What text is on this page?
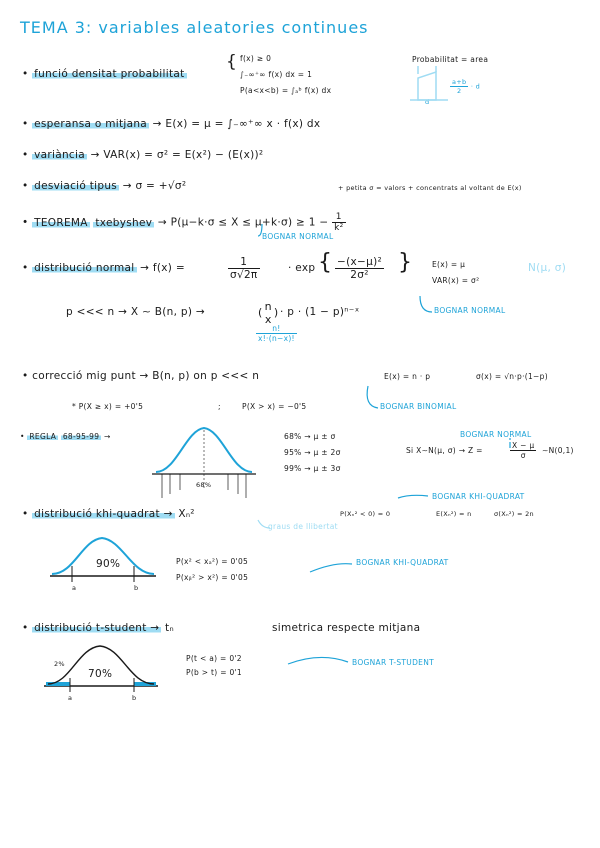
TEMA 3: variables aleatories continues
• funció densitat probabilitat
{ f(x) ≥ 0
∫₋∞⁺∞ f(x) dx = 1
P(a<x<b) = ∫ₐᵇ f(x) dx
Probabilitat = area
$\frac{a+b}{2} \cdot d$
d
• esperansa o mitjana → E(x) = μ = ∫₋∞⁺∞ x · f(x) dx
• variància → VAR(x) = σ² = E(x²) − (E(x))²
• desviació tipus → σ = +√σ²	+ petita σ = valors + concentrats al voltant de E(x)
• TEOREMA txebyshev → $P(\mu-k\cdot\sigma \le X \le \mu+k\cdot\sigma) \ge 1 - \frac{1}{\text{k²}}$
BOGNAR NORMAL
• distribució normal → f(x) =	$\frac{1}{\sigma√2\pi}$	· exp { $\frac{\text{−(x−μ)²}}{\text{2σ²}}$ }	E(x) = μ
VAR(x) = σ²
N(μ, σ)
p <<< n → X ∼ B(n, p) →	( n
x
) · p · (1 − p)ⁿ⁻ˣ
$\frac{n!}{x!\cdot(n-x)!}$
BOGNAR NORMAL
• correcció mig punt → B(n, p) on p <<< n	E(x) = n · p	σ(x) = √n·p·(1−p)
* P(X ≥ x) = +0'5	;	P(X > x) = −0'5	BOGNAR BINOMIAL
• REGLA 68-95-99 →	68% → μ ± σ
95% → μ ± 2σ
99% → μ ± 3σ
BOGNAR NORMAL
Si X∼N(μ, σ) → Z =	$\frac{X - \mu}{\sigma}$ ∼N(0,1)
68%
• distribució khi-quadrat → Xₙ²
graus de llibertat
P(Xₙ² < 0) = 0	E(Xₙ²) = n	σ(Xₙ²) = 2n
BOGNAR KHI-QUADRAT
90%
a	b
P(x² < xₐ²) = 0'05
P(xᵦ² > x²) = 0'05
BOGNAR KHI-QUADRAT
• distribució t-student → tₙ	simetrica respecte mitjana
70%
2%
a	b
P(t < a) = 0'2
P(b > t) = 0'1
BOGNAR T-STUDENT
